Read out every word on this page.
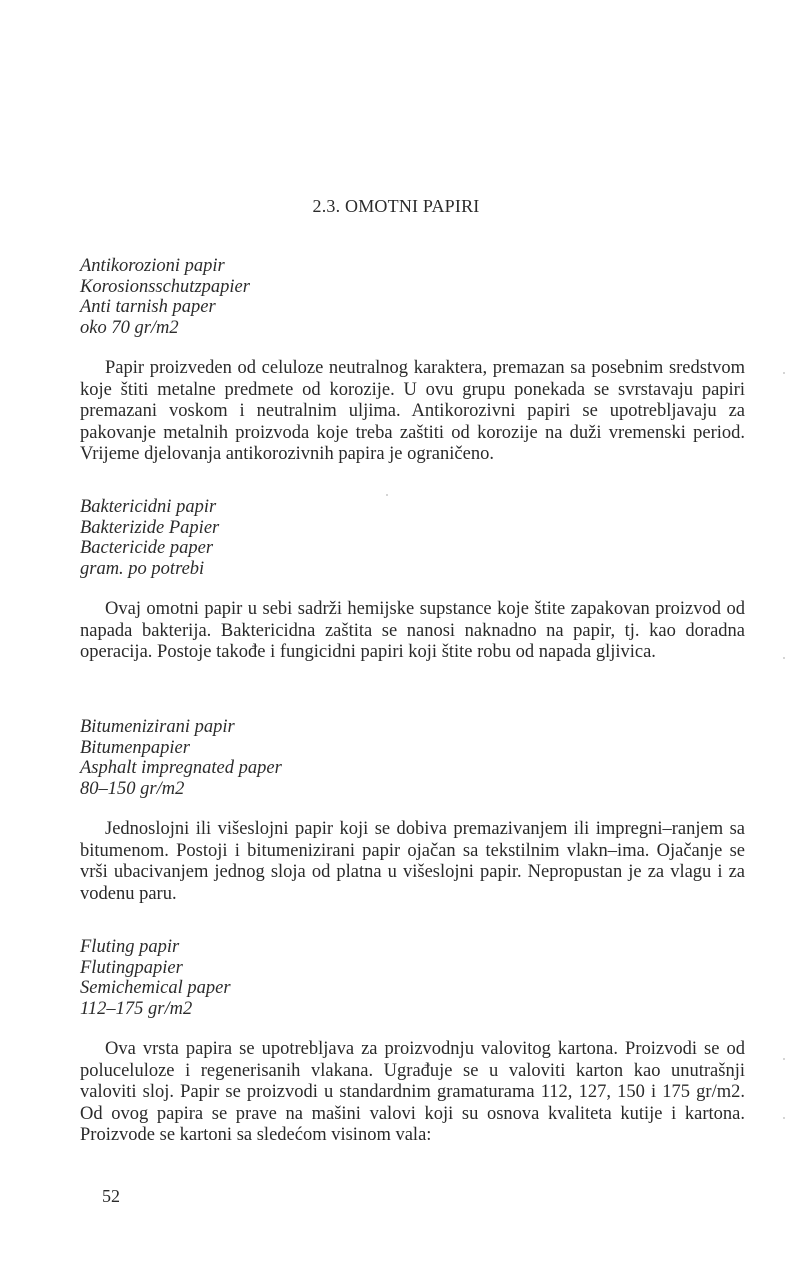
2.3. OMOTNI PAPIRI
Antikorozioni papir
Korosionsschutzpapier
Anti tarnish paper
oko 70 gr/m2
Papir proizveden od celuloze neutralnog karaktera, premazan sa posebnim sredstvom koje štiti metalne predmete od korozije. U ovu grupu ponekada se svrstavaju papiri premazani voskom i neutralnim uljima. Antikorozivni papiri se upotrebljavaju za pakovanje metalnih proizvoda koje treba zaštiti od korozije na duži vremenski period. Vrijeme djelovanja antikorozivnih papira je ograničeno.
Baktericidni papir
Bakterizide Papier
Bactericide paper
gram. po potrebi
Ovaj omotni papir u sebi sadrži hemijske supstance koje štite zapakovan proizvod od napada bakterija. Baktericidna zaštita se nanosi naknadno na papir, tj. kao doradna operacija. Postoje takođe i fungicidni papiri koji štite robu od napada gljivica.
Bitumenizirani papir
Bitumenpapier
Asphalt impregnated paper
80–150 gr/m2
Jednoslojni ili višeslojni papir koji se dobiva premazivanjem ili impregni–ranjem sa bitumenom. Postoji i bitumenizirani papir ojačan sa tekstilnim vlakn–ima. Ojačanje se vrši ubacivanjem jednog sloja od platna u višeslojni papir. Nepropustan je za vlagu i za vodenu paru.
Fluting papir
Flutingpapier
Semichemical paper
112–175 gr/m2
Ova vrsta papira se upotrebljava za proizvodnju valovitog kartona. Proizvodi se od poluceluloze i regenerisanih vlakana. Ugrađuje se u valoviti karton kao unutrašnji valoviti sloj. Papir se proizvodi u standardnim gramaturama 112, 127, 150 i 175 gr/m2. Od ovog papira se prave na mašini valovi koji su osnova kvaliteta kutije i kartona. Proizvode se kartoni sa sledećom visinom vala:
52
